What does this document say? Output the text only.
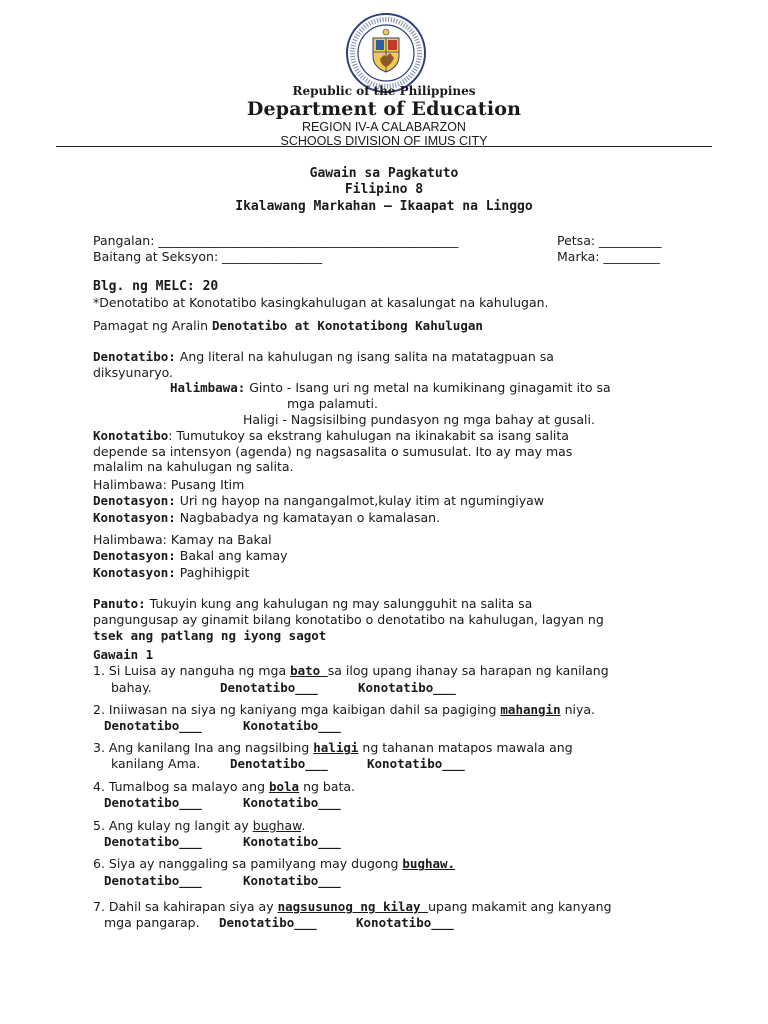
Republic of the Philippines
Department of Education
REGION IV-A CALABARZON
SCHOOLS DIVISION OF IMUS CITY
Gawain sa Pagkatuto
Filipino 8
Ikalawang Markahan – Ikaapat na Linggo
Pangalan: ________________________________________________	Petsa: __________
Baitang at Seksyon: ________________	Marka: _________
Blg. ng MELC: 20
*Denotatibo at Konotatibo kasingkahulugan at kasalungat na kahulugan.
Pamagat ng Aralin Denotatibo at Konotatibong Kahulugan
Denotatibo: Ang literal na kahulugan ng isang salita na matatagpuan sa
diksyunaryo.
Halimbawa: Ginto - Isang uri ng metal na kumikinang ginagamit ito sa
mga palamuti.
Haligi - Nagsisilbing pundasyon ng mga bahay at gusali.
Konotatibo: Tumutukoy sa ekstrang kahulugan na ikinakabit sa isang salita
depende sa intensyon (agenda) ng nagsasalita o sumusulat. Ito ay may mas
malalim na kahulugan ng salita.
Halimbawa: Pusang Itim
Denotasyon: Uri ng hayop na nangangalmot,kulay itim at ngumingiyaw
Konotasyon: Nagbabadya ng kamatayan o kamalasan.
Halimbawa: Kamay na Bakal
Denotasyon: Bakal ang kamay
Konotasyon: Paghihigpit
Panuto: Tukuyin kung ang kahulugan ng may salungguhit na salita sa
pangungusap ay ginamit bilang konotatibo o denotatibo na kahulugan, lagyan ng
tsek ang patlang ng iyong sagot
Gawain 1
1. Si Luisa ay nanguha ng mga bato sa ilog upang ihanay sa harapan ng kanilang
bahay.	Denotatibo___	Konotatibo___
2. Iniiwasan na siya ng kaniyang mga kaibigan dahil sa pagiging mahangin niya.
Denotatibo___	Konotatibo___
3. Ang kanilang Ina ang nagsilbing haligi ng tahanan matapos mawala ang
kanilang Ama. Denotatibo___	Konotatibo___
4. Tumalbog sa malayo ang bola ng bata.
Denotatibo___	Konotatibo___
5. Ang kulay ng langit ay bughaw.
Denotatibo___	Konotatibo___
6. Siya ay nanggaling sa pamilyang may dugong bughaw.
Denotatibo___	Konotatibo___
7. Dahil sa kahirapan siya ay nagsusunog ng kilay upang makamit ang kanyang
mga pangarap. Denotatibo___	Konotatibo___
